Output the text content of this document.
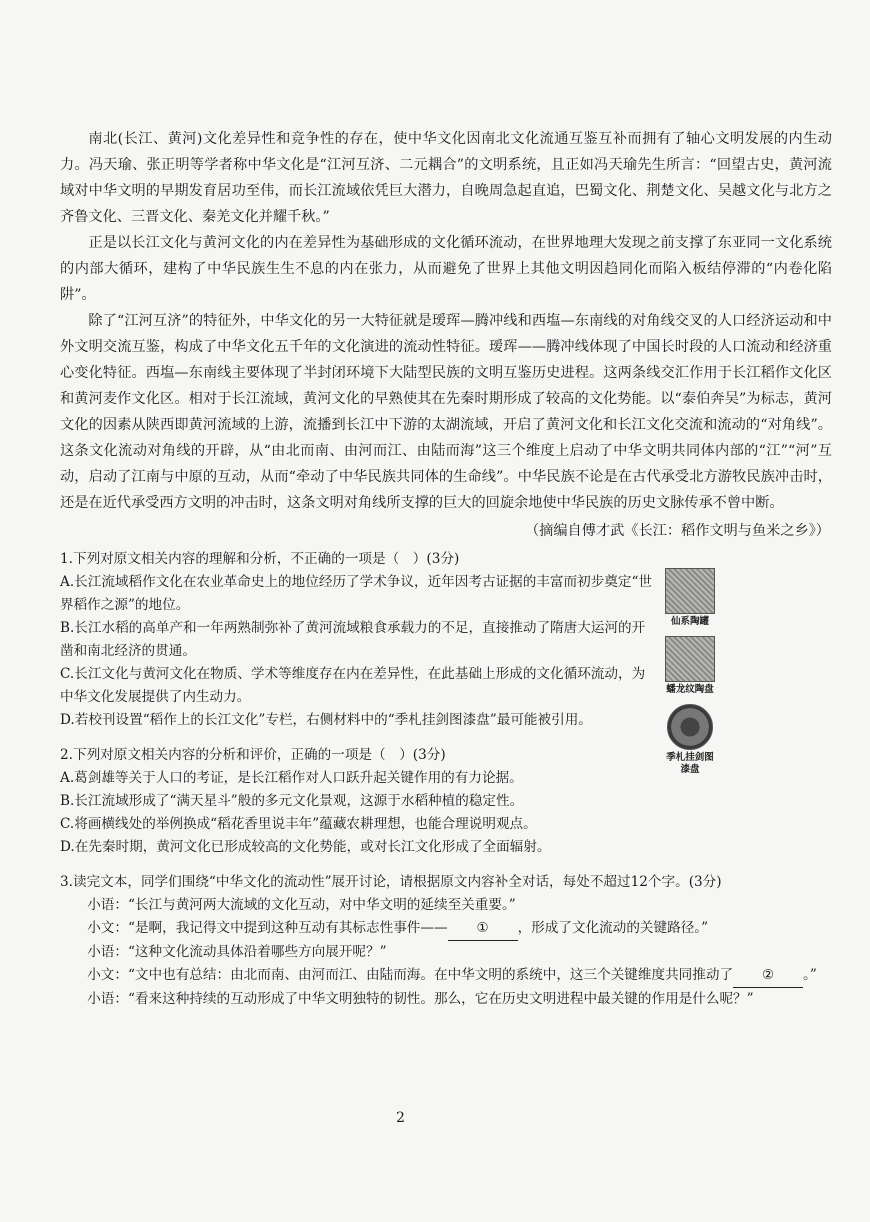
南北(长江、黄河)文化差异性和竞争性的存在，使中华文化因南北文化流通互鉴互补而拥有了轴心文明发展的内生动力。冯天瑜、张正明等学者称中华文化是“江河互济、二元耦合”的文明系统，且正如冯天瑜先生所言：“回望古史，黄河流域对中华文明的早期发育居功至伟，而长江流域依凭巨大潜力，自晚周急起直追，巴蜀文化、荆楚文化、吴越文化与北方之齐鲁文化、三晋文化、秦羌文化并耀千秋。”

正是以长江文化与黄河文化的内在差异性为基础形成的文化循环流动，在世界地理大发现之前支撑了东亚同一文化系统的内部大循环，建构了中华民族生生不息的内在张力，从而避免了世界上其他文明因趋同化而陷入板结停滞的“内卷化陷阱”。

除了“江河互济”的特征外，中华文化的另一大特征就是瑷珲—腾冲线和西塩—东南线的对角线交叉的人口经济运动和中外文明交流互鉴，构成了中华文化五千年的文化演进的流动性特征。瑷珲——腾冲线体现了中国长时段的人口流动和经济重心变化特征。西塩—东南线主要体现了半封闭环境下大陆型民族的文明互鉴历史进程。这两条线交汇作用于长江稻作文化区和黄河麦作文化区。相对于长江流域，黄河文化的早熟使其在先秦时期形成了较高的文化势能。以“泰伯奔吴”为标志，黄河文化的因素从陕西即黄河流域的上游，流播到长江中下游的太湖流域，开启了黄河文化和长江文化交流和流动的“对角线”。这条文化流动对角线的开辟，从“由北而南、由河而江、由陆而海”这三个维度上启动了中华文明共同体内部的“江”“河”互动，启动了江南与中原的互动，从而“牵动了中华民族共同体的生命线”。中华民族不论是在古代承受北方游牧民族冲击时，还是在近代承受西方文明的冲击时，这条文明对角线所支撑的巨大的回旋余地使中华民族的历史文脉传承不曾中断。

（摘编自傅才武《长江：稻作文明与鱼米之乡》）

1.下列对原文相关内容的理解和分析，不正确的一项是（　）(3分)

A.长江流域稻作文化在农业革命史上的地位经历了学术争议，近年因考古证据的丰富而初步奠定“世界稻作之源”的地位。

B.长江水稻的高单产和一年两熟制弥补了黄河流域粮食承载力的不足，直接推动了隋唐大运河的开凿和南北经济的贯通。

C.长江文化与黄河文化在物质、学术等维度存在内在差异性，在此基础上形成的文化循环流动，为中华文化发展提供了内生动力。

D.若校刊设置“稻作上的长江文化”专栏，右侧材料中的“季札挂剑图漆盘”最可能被引用。

2.下列对原文相关内容的分析和评价，正确的一项是（　）(3分)

A.葛剑雄等关于人口的考证，是长江稻作对人口跃升起关键作用的有力论据。

B.长江流域形成了“满天星斗”般的多元文化景观，这源于水稻种植的稳定性。

C.将画横线处的举例换成“稻花香里说丰年”蕴藏农耕理想，也能合理说明观点。

D.在先秦时期，黄河文化已形成较高的文化势能，或对长江文化形成了全面辐射。

3.读完文本，同学们围绕“中华文化的流动性”展开讨论，请根据原文内容补全对话，每处不超过12个字。(3分)

小语：“长江与黄河两大流域的文化互动，对中华文明的延续至关重要。”

小文：“是啊，我记得文中提到这种互动有其标志性事件—— ① ，形成了文化流动的关键路径。”

小语：“这种文化流动具体沿着哪些方向展开呢？”

小文：“文中也有总结：由北而南、由河而江、由陆而海。在中华文明的系统中，这三个关键维度共同推动了 ② 。”

小语：“看来这种持续的互动形成了中华文明独特的韧性。那么，它在历史文明进程中最关键的作用是什么呢？”

仙系陶罐
蟠龙纹陶盘
季札挂剑图漆盘
2
